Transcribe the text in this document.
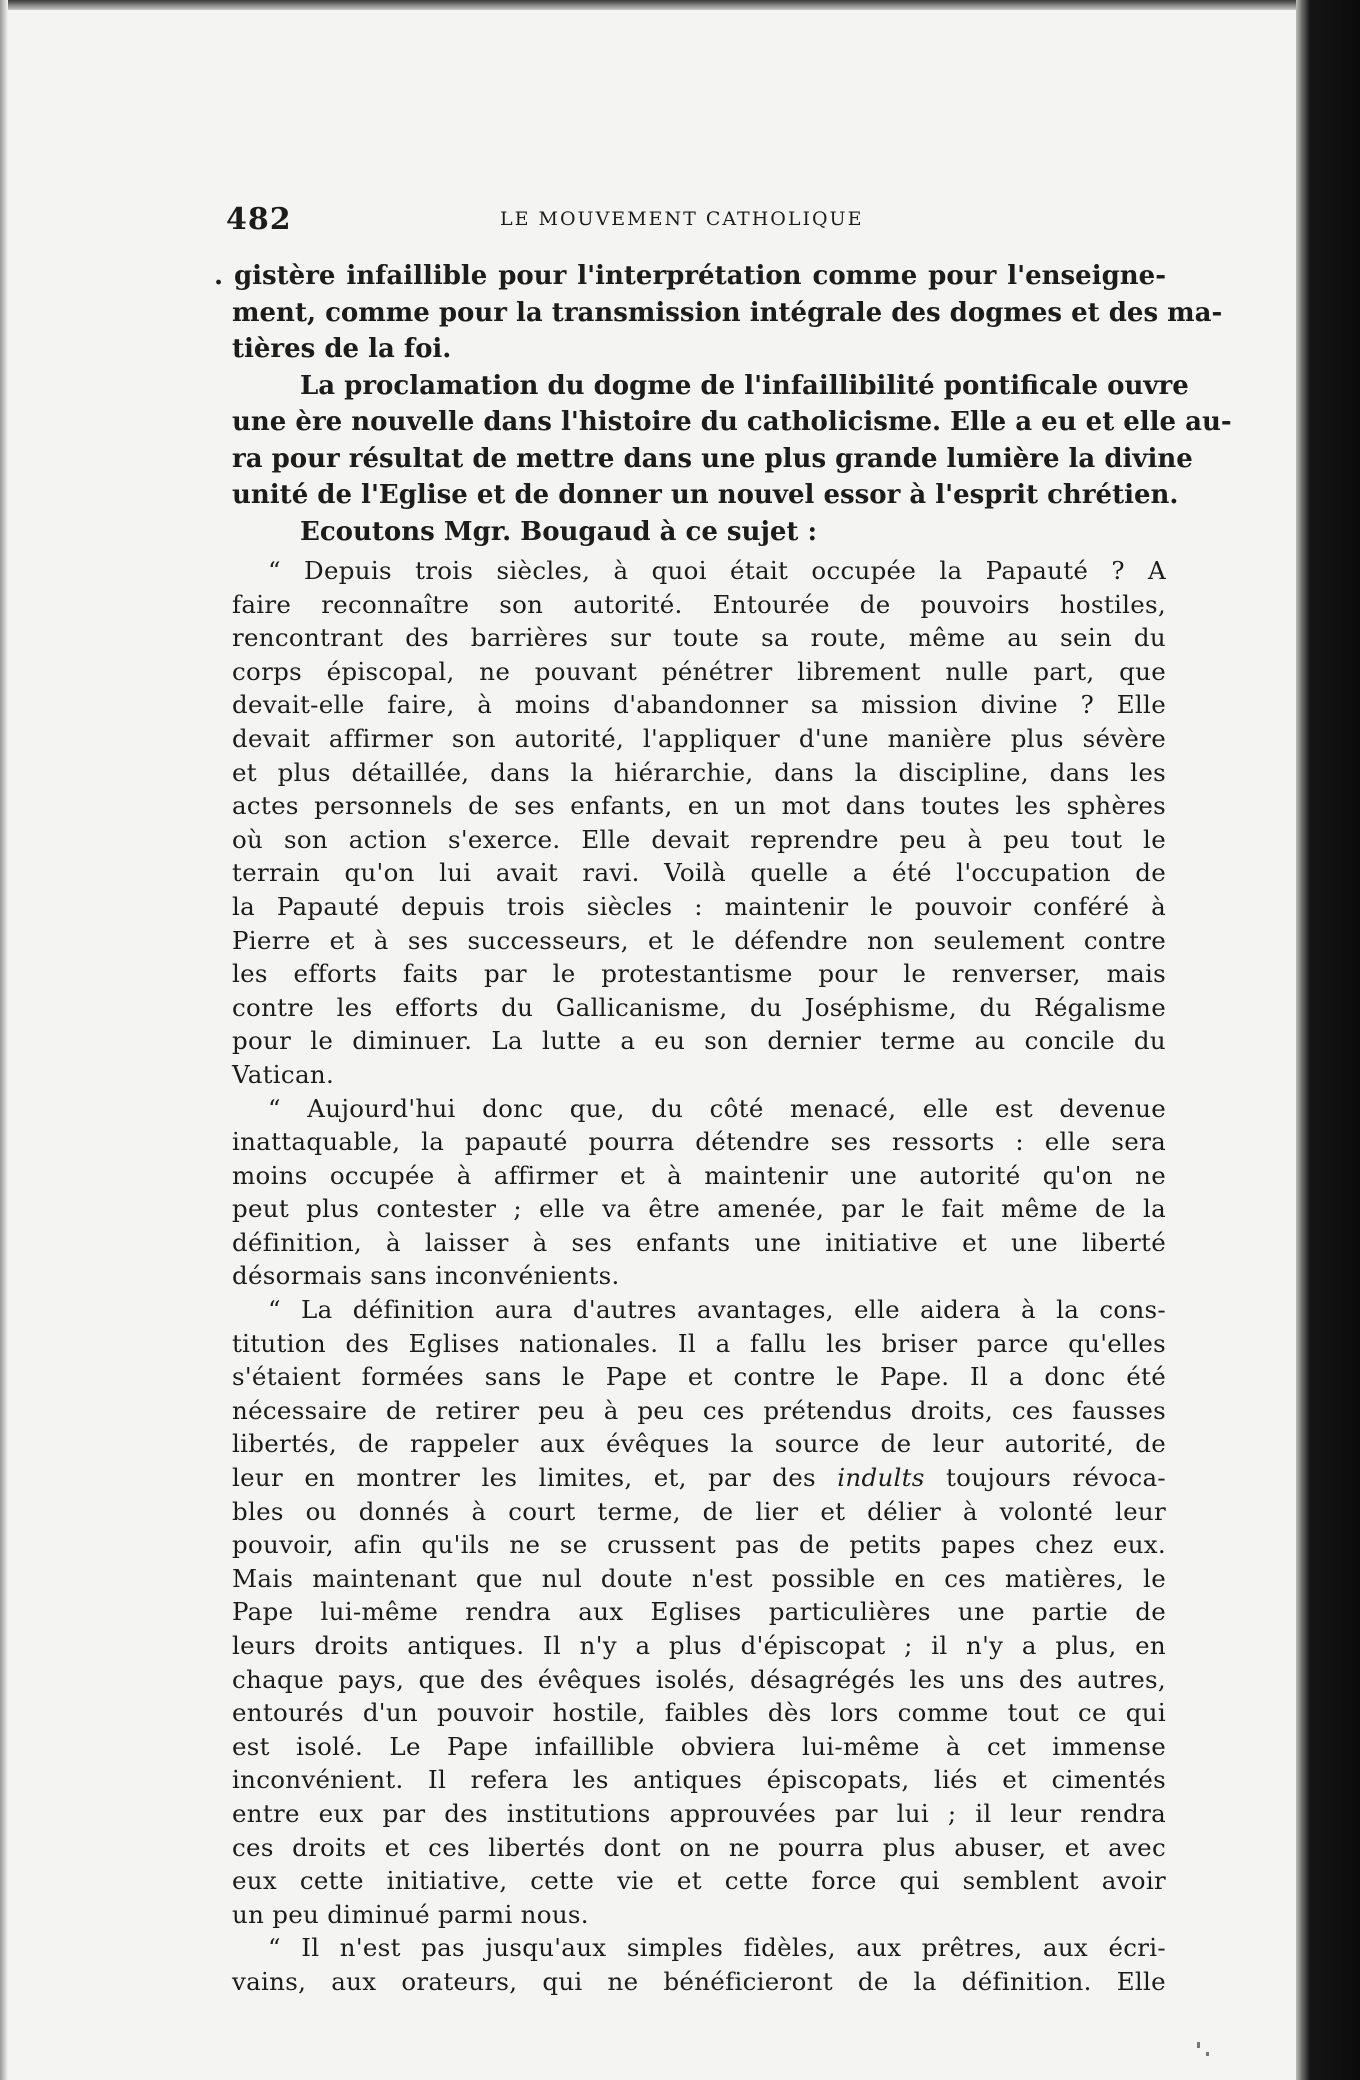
482	LE MOUVEMENT CATHOLIQUE
. gistère infaillible pour l'interprétation comme pour l'enseigne-
ment, comme pour la transmission intégrale des dogmes et des ma-
tières de la foi.
La proclamation du dogme de l'infaillibilité pontificale ouvre
une ère nouvelle dans l'histoire du catholicisme. Elle a eu et elle au-
ra pour résultat de mettre dans une plus grande lumière la divine
unité de l'Eglise et de donner un nouvel essor à l'esprit chrétien.
Ecoutons Mgr. Bougaud à ce sujet :
“ Depuis trois siècles, à quoi était occupée la Papauté ? A
faire reconnaître son autorité. Entourée de pouvoirs hostiles,
rencontrant des barrières sur toute sa route, même au sein du
corps épiscopal, ne pouvant pénétrer librement nulle part, que
devait-elle faire, à moins d'abandonner sa mission divine ? Elle
devait affirmer son autorité, l'appliquer d'une manière plus sévère
et plus détaillée, dans la hiérarchie, dans la discipline, dans les
actes personnels de ses enfants, en un mot dans toutes les sphères
où son action s'exerce. Elle devait reprendre peu à peu tout le
terrain qu'on lui avait ravi. Voilà quelle a été l'occupation de
la Papauté depuis trois siècles : maintenir le pouvoir conféré à
Pierre et à ses successeurs, et le défendre non seulement contre
les efforts faits par le protestantisme pour le renverser, mais
contre les efforts du Gallicanisme, du Joséphisme, du Régalisme
pour le diminuer. La lutte a eu son dernier terme au concile du
Vatican.
“ Aujourd'hui donc que, du côté menacé, elle est devenue
inattaquable, la papauté pourra détendre ses ressorts : elle sera
moins occupée à affirmer et à maintenir une autorité qu'on ne
peut plus contester ; elle va être amenée, par le fait même de la
définition, à laisser à ses enfants une initiative et une liberté
désormais sans inconvénients.
“ La définition aura d'autres avantages, elle aidera à la cons-
titution des Eglises nationales. Il a fallu les briser parce qu'elles
s'étaient formées sans le Pape et contre le Pape. Il a donc été
nécessaire de retirer peu à peu ces prétendus droits, ces fausses
libertés, de rappeler aux évêques la source de leur autorité, de
leur en montrer les limites, et, par des indults toujours révoca-
bles ou donnés à court terme, de lier et délier à volonté leur
pouvoir, afin qu'ils ne se crussent pas de petits papes chez eux.
Mais maintenant que nul doute n'est possible en ces matières, le
Pape lui-même rendra aux Eglises particulières une partie de
leurs droits antiques. Il n'y a plus d'épiscopat ; il n'y a plus, en
chaque pays, que des évêques isolés, désagrégés les uns des autres,
entourés d'un pouvoir hostile, faibles dès lors comme tout ce qui
est isolé. Le Pape infaillible obviera lui-même à cet immense
inconvénient. Il refera les antiques épiscopats, liés et cimentés
entre eux par des institutions approuvées par lui ; il leur rendra
ces droits et ces libertés dont on ne pourra plus abuser, et avec
eux cette initiative, cette vie et cette force qui semblent avoir
un peu diminué parmi nous.
“ Il n'est pas jusqu'aux simples fidèles, aux prêtres, aux écri-
vains, aux orateurs, qui ne bénéficieront de la définition. Elle
